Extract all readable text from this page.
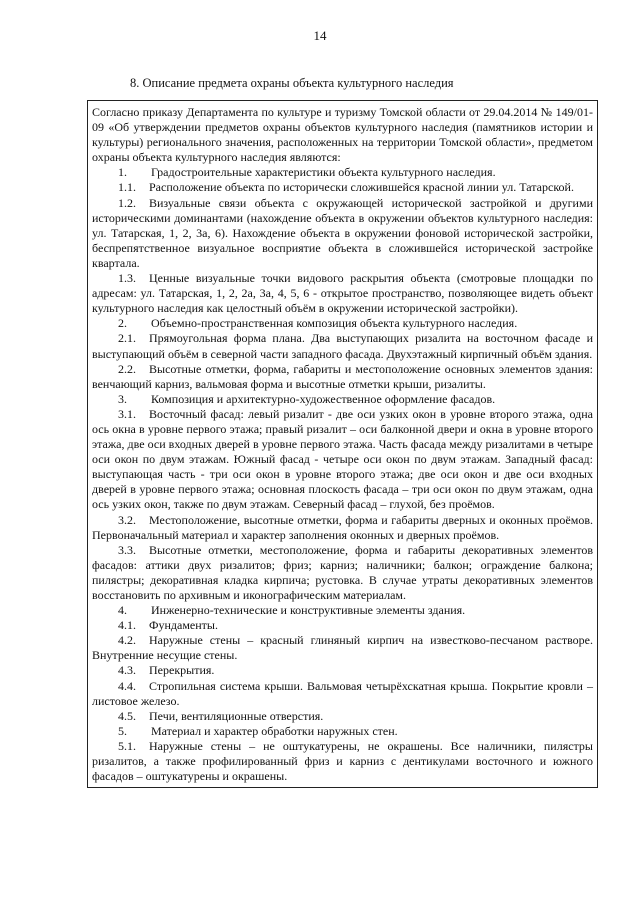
14
8. Описание предмета охраны объекта культурного наследия

Согласно приказу Департамента по культуре и туризму Томской области от 29.04.2014 № 149/01-09 «Об утверждении предметов охраны объектов культурного наследия (памятников истории и культуры) регионального значения, расположенных на территории Томской области», предметом охраны объекта культурного наследия являются:

1. Градостроительные характеристики объекта культурного наследия.

1.1. Расположение объекта по исторически сложившейся красной линии ул. Татарской.

1.2. Визуальные связи объекта с окружающей исторической застройкой и другими историческими доминантами (нахождение объекта в окружении объектов культурного наследия: ул. Татарская, 1, 2, 3а, 6). Нахождение объекта в окружении фоновой исторической застройки, беспрепятственное визуальное восприятие объекта в сложившейся исторической застройке квартала.

1.3. Ценные визуальные точки видового раскрытия объекта (смотровые площадки по адресам: ул. Татарская, 1, 2, 2а, 3а, 4, 5, 6 - открытое пространство, позволяющее видеть объект культурного наследия как целостный объём в окружении исторической застройки).

2. Объемно-пространственная композиция объекта культурного наследия.

2.1. Прямоугольная форма плана. Два выступающих ризалита на восточном фасаде и выступающий объём в северной части западного фасада. Двухэтажный кирпичный объём здания.

2.2. Высотные отметки, форма, габариты и местоположение основных элементов здания: венчающий карниз, вальмовая форма и высотные отметки крыши, ризалиты.

3. Композиция и архитектурно-художественное оформление фасадов.

3.1. Восточный фасад: левый ризалит - две оси узких окон в уровне второго этажа, одна ось окна в уровне первого этажа; правый ризалит – оси балконной двери и окна в уровне второго этажа, две оси входных дверей в уровне первого этажа. Часть фасада между ризалитами в четыре оси окон по двум этажам. Южный фасад - четыре оси окон по двум этажам. Западный фасад: выступающая часть - три оси окон в уровне второго этажа; две оси окон и две оси входных дверей в уровне первого этажа; основная плоскость фасада – три оси окон по двум этажам, одна ось узких окон, также по двум этажам. Северный фасад – глухой, без проёмов.

3.2. Местоположение, высотные отметки, форма и габариты дверных и оконных проёмов. Первоначальный материал и характер заполнения оконных и дверных проёмов.

3.3. Высотные отметки, местоположение, форма и габариты декоративных элементов фасадов: аттики двух ризалитов; фриз; карниз; наличники; балкон; ограждение балкона; пилястры; декоративная кладка кирпича; рустовка. В случае утраты декоративных элементов восстановить по архивным и иконографическим материалам.

4. Инженерно-технические и конструктивные элементы здания.

4.1. Фундаменты.

4.2. Наружные стены – красный глиняный кирпич на известково-песчаном растворе. Внутренние несущие стены.

4.3. Перекрытия.

4.4. Стропильная система крыши. Вальмовая четырёхскатная крыша. Покрытие кровли – листовое железо.

4.5. Печи, вентиляционные отверстия.

5. Материал и характер обработки наружных стен.

5.1. Наружные стены – не оштукатурены, не окрашены. Все наличники, пилястры ризалитов, а также профилированный фриз и карниз с дентикулами восточного и южного фасадов – оштукатурены и окрашены.
